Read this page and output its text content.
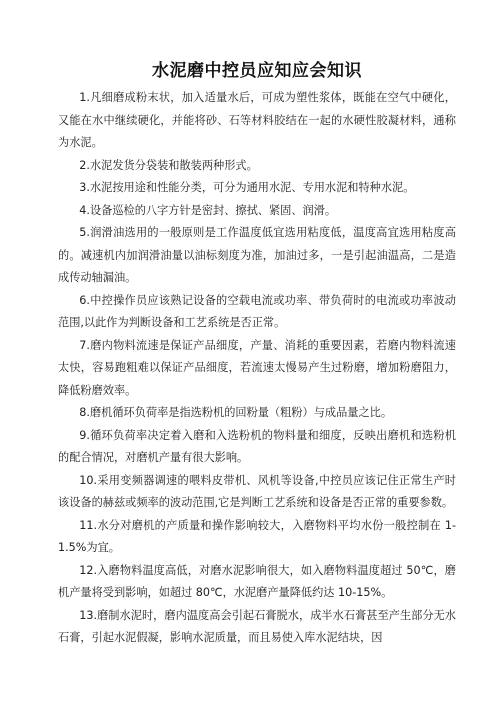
水泥磨中控员应知应会知识

1.凡细磨成粉末状，加入适量水后，可成为塑性浆体，既能在空气中硬化，又能在水中继续硬化，并能将砂、石等材料胶结在一起的水硬性胶凝材料，通称为水泥。

2.水泥发货分袋装和散装两种形式。

3.水泥按用途和性能分类，可分为通用水泥、专用水泥和特种水泥。

4.设备巡检的八字方针是密封、擦拭、紧固、润滑。

5.润滑油选用的一般原则是工作温度低宜选用粘度低，温度高宜选用粘度高的。减速机内加润滑油量以油标刻度为准，加油过多，一是引起油温高，二是造成传动轴漏油。

6.中控操作员应该熟记设备的空载电流或功率、带负荷时的电流或功率波动范围,以此作为判断设备和工艺系统是否正常。

7.磨内物料流速是保证产品细度，产量、消耗的重要因素，若磨内物料流速太快，容易跑粗难以保证产品细度，若流速太慢易产生过粉磨，增加粉磨阻力，降低粉磨效率。

8.磨机循环负荷率是指选粉机的回粉量（粗粉）与成品量之比。

9.循环负荷率决定着入磨和入选粉机的物料量和细度，反映出磨机和选粉机的配合情况，对磨机产量有很大影响。

10.采用变频器调速的喂料皮带机、风机等设备,中控员应该记住正常生产时该设备的赫兹或频率的波动范围,它是判断工艺系统和设备是否正常的重要参数。

11.水分对磨机的产质量和操作影响较大，入磨物料平均水份一般控制在 1-1.5%为宜。

12.入磨物料温度高低，对磨水泥影响很大，如入磨物料温度超过 50℃，磨机产量将受到影响，如超过 80℃，水泥磨产量降低约达 10-15%。

13.磨制水泥时，磨内温度高会引起石膏脱水，成半水石膏甚至产生部分无水石膏，引起水泥假凝，影响水泥质量，而且易使入库水泥结块，因
